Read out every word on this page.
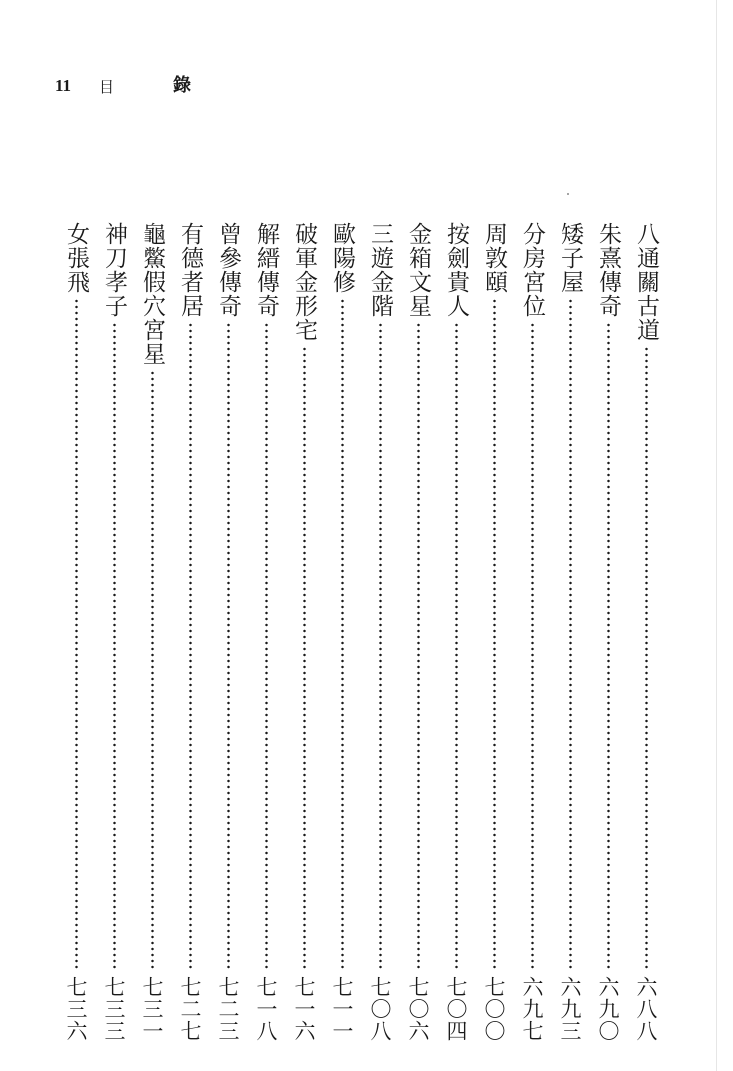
11 目	錄
八通關古道
六八八
朱熹傳奇
六九〇
矮子屋
六九三
分房宮位
六九七
周敦頤
七〇〇
按劍貴人
七〇四
金箱文星
七〇六
三遊金階
七〇八
歐陽修
七一一
破軍金形宅
七一六
解縉傳奇
七一八
曾參傳奇
七二三
有德者居
七二七
龜鱉假穴宮星
七三一
神刀孝子
七三三
女張飛
七三六
